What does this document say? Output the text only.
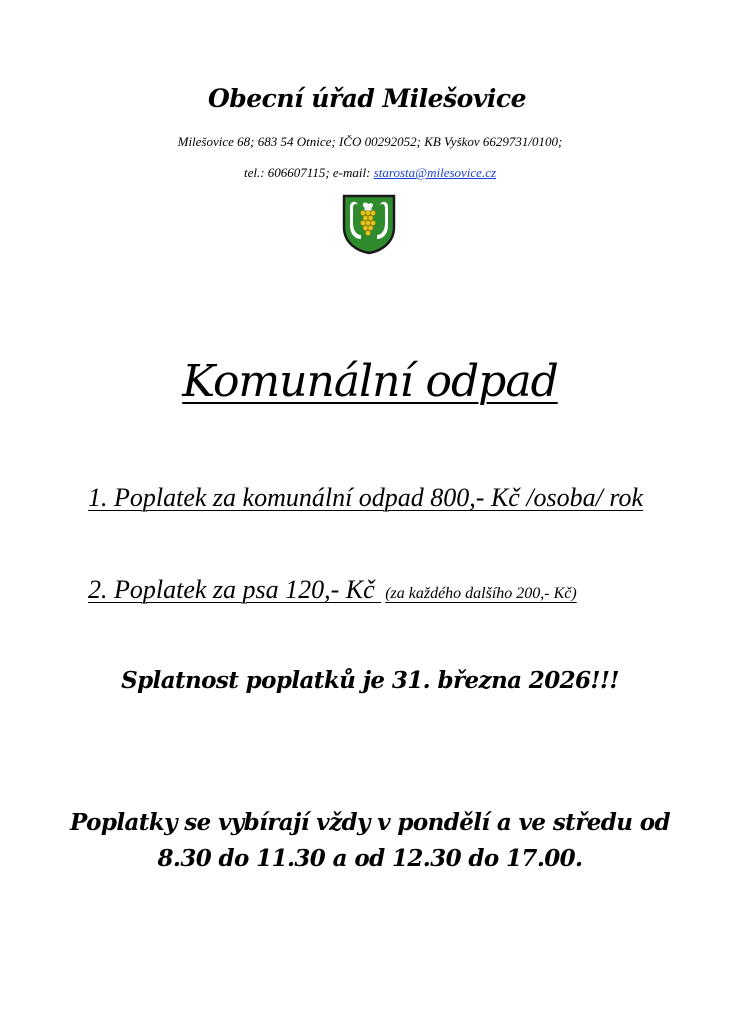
Obecní úřad Milešovice
Milešovice 68; 683 54 Otnice; IČO 00292052; KB Vyškov 6629731/0100;
tel.: 606607115; e-mail: starosta@milesovice.cz
Komunální odpad
1. Poplatek za komunální odpad 800,- Kč /osoba/ rok
2. Poplatek za psa 120,- Kč (za každého dalšího 200,- Kč)
Splatnost poplatků je 31. března 2026!!!
Poplatky se vybírají vždy v pondělí a ve středu od
8.30 do 11.30 a od 12.30 do 17.00.
